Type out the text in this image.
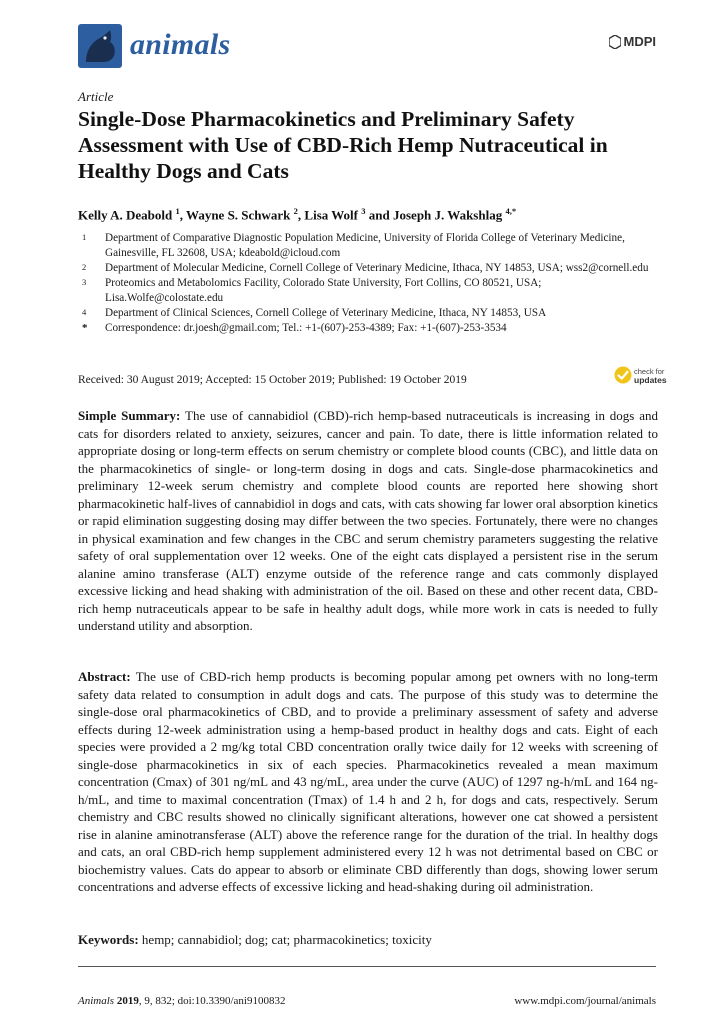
animals	MDPI
Article
Single-Dose Pharmacokinetics and Preliminary Safety Assessment with Use of CBD-Rich Hemp Nutraceutical in Healthy Dogs and Cats
Kelly A. Deabold $^1$, Wayne S. Schwark $^2$, Lisa Wolf $^3$ and Joseph J. Wakshlag $^{4,*}$
1 Department of Comparative Diagnostic Population Medicine, University of Florida College of Veterinary Medicine, Gainesville, FL 32608, USA; kdeabold@icloud.com
2 Department of Molecular Medicine, Cornell College of Veterinary Medicine, Ithaca, NY 14853, USA; wss2@cornell.edu
3 Proteomics and Metabolomics Facility, Colorado State University, Fort Collins, CO 80521, USA; Lisa.Wolfe@colostate.edu
4 Department of Clinical Sciences, Cornell College of Veterinary Medicine, Ithaca, NY 14853, USA
* Correspondence: dr.joesh@gmail.com; Tel.: +1-(607)-253-4389; Fax: +1-(607)-253-3534
Received: 30 August 2019; Accepted: 15 October 2019; Published: 19 October 2019
check for
updates

Simple Summary: The use of cannabidiol (CBD)-rich hemp-based nutraceuticals is increasing in dogs and cats for disorders related to anxiety, seizures, cancer and pain. To date, there is little information related to appropriate dosing or long-term effects on serum chemistry or complete blood counts (CBC), and little data on the pharmacokinetics of single- or long-term dosing in dogs and cats. Single-dose pharmacokinetics and preliminary 12-week serum chemistry and complete blood counts are reported here showing short pharmacokinetic half-lives of cannabidiol in dogs and cats, with cats showing far lower oral absorption kinetics or rapid elimination suggesting dosing may differ between the two species. Fortunately, there were no changes in physical examination and few changes in the CBC and serum chemistry parameters suggesting the relative safety of oral supplementation over 12 weeks. One of the eight cats displayed a persistent rise in the serum alanine amino transferase (ALT) enzyme outside of the reference range and cats commonly displayed excessive licking and head shaking with administration of the oil. Based on these and other recent data, CBD-rich hemp nutraceuticals appear to be safe in healthy adult dogs, while more work in cats is needed to fully understand utility and absorption.

Abstract: The use of CBD-rich hemp products is becoming popular among pet owners with no long-term safety data related to consumption in adult dogs and cats. The purpose of this study was to determine the single-dose oral pharmacokinetics of CBD, and to provide a preliminary assessment of safety and adverse effects during 12-week administration using a hemp-based product in healthy dogs and cats. Eight of each species were provided a 2 mg/kg total CBD concentration orally twice daily for 12 weeks with screening of single-dose pharmacokinetics in six of each species. Pharmacokinetics revealed a mean maximum concentration (Cmax) of 301 ng/mL and 43 ng/mL, area under the curve (AUC) of 1297 ng-h/mL and 164 ng-h/mL, and time to maximal concentration (Tmax) of 1.4 h and 2 h, for dogs and cats, respectively. Serum chemistry and CBC results showed no clinically significant alterations, however one cat showed a persistent rise in alanine aminotransferase (ALT) above the reference range for the duration of the trial. In healthy dogs and cats, an oral CBD-rich hemp supplement administered every 12 h was not detrimental based on CBC or biochemistry values. Cats do appear to absorb or eliminate CBD differently than dogs, showing lower serum concentrations and adverse effects of excessive licking and head-shaking during oil administration.

Keywords: hemp; cannabidiol; dog; cat; pharmacokinetics; toxicity
Animals 2019, 9, 832; doi:10.3390/ani9100832	www.mdpi.com/journal/animals
